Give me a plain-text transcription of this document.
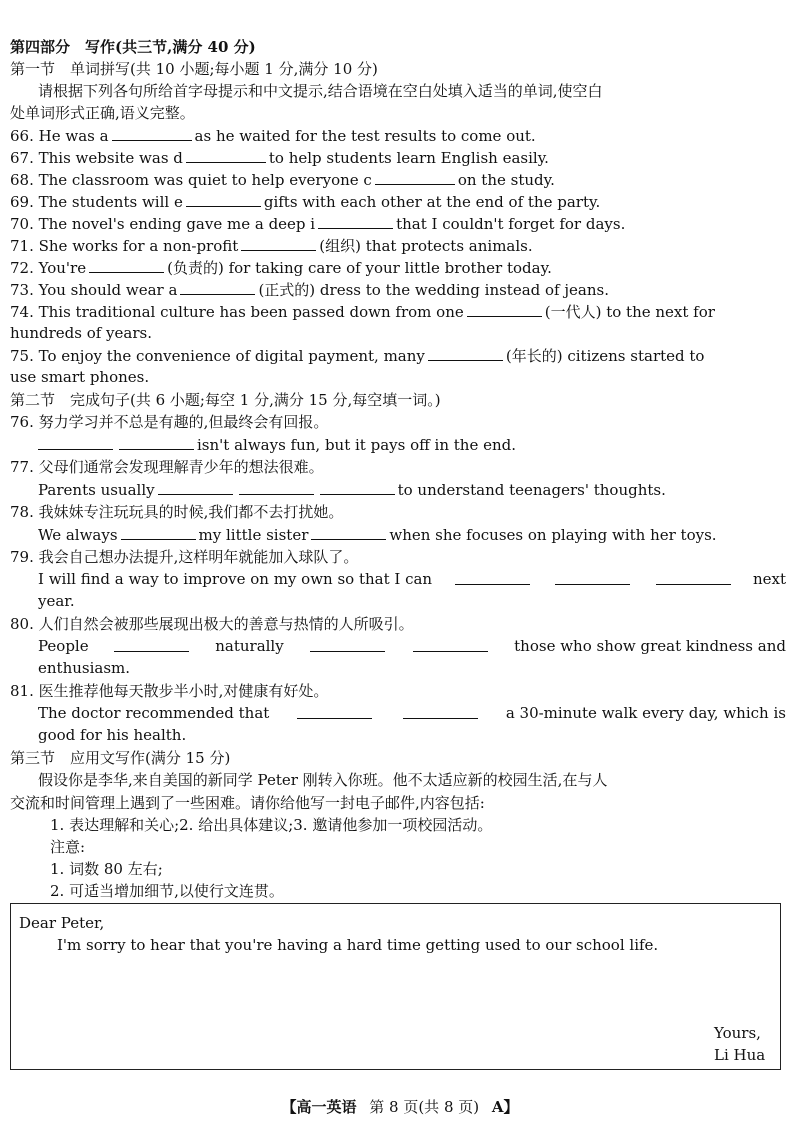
第四部分　写作(共三节,满分 40 分)
第一节　单词拼写(共 10 小题;每小题 1 分,满分 10 分)
请根据下列各句所给首字母提示和中文提示,结合语境在空白处填入适当的单词,使空白
处单词形式正确,语义完整。
66. He was a	as he waited for the test results to come out.
67. This website was d	to help students learn English easily.
68. The classroom was quiet to help everyone c	on the study.
69. The students will e	gifts with each other at the end of the party.
70. The novel's ending gave me a deep i	that I couldn't forget for days.
71. She works for a non-profit	(组织) that protects animals.
72. You're	(负责的) for taking care of your little brother today.
73. You should wear a	(正式的) dress to the wedding instead of jeans.
74. This traditional culture has been passed down from one	(一代人) to the next for
hundreds of years.
75. To enjoy the convenience of digital payment, many	(年长的) citizens started to
use smart phones.
第二节　完成句子(共 6 小题;每空 1 分,满分 15 分,每空填一词。)
76. 努力学习并不总是有趣的,但最终会有回报。
isn't always fun, but it pays off in the end.
77. 父母们通常会发现理解青少年的想法很难。
Parents usually	to understand teenagers' thoughts.
78. 我妹妹专注玩玩具的时候,我们都不去打扰她。
We always	my little sister	when she focuses on playing with her toys.
79. 我会自己想办法提升,这样明年就能加入球队了。
I will find a way to improve on my own so that I can	next
year.
80. 人们自然会被那些展现出极大的善意与热情的人所吸引。
People	naturally	those who show great kindness and
enthusiasm.
81. 医生推荐他每天散步半小时,对健康有好处。
The doctor recommended that	a 30-minute walk every day, which is
good for his health.
第三节　应用文写作(满分 15 分)
假设你是李华,来自美国的新同学 Peter 刚转入你班。他不太适应新的校园生活,在与人
交流和时间管理上遇到了一些困难。请你给他写一封电子邮件,内容包括:
1. 表达理解和关心;2. 给出具体建议;3. 邀请他参加一项校园活动。
注意:
1. 词数 80 左右;
2. 可适当增加细节,以使行文连贯。
Dear Peter,
I'm sorry to hear that you're having a hard time getting used to our school life.
Yours,
Li Hua
【高一英语 第 8 页(共 8 页) A】
